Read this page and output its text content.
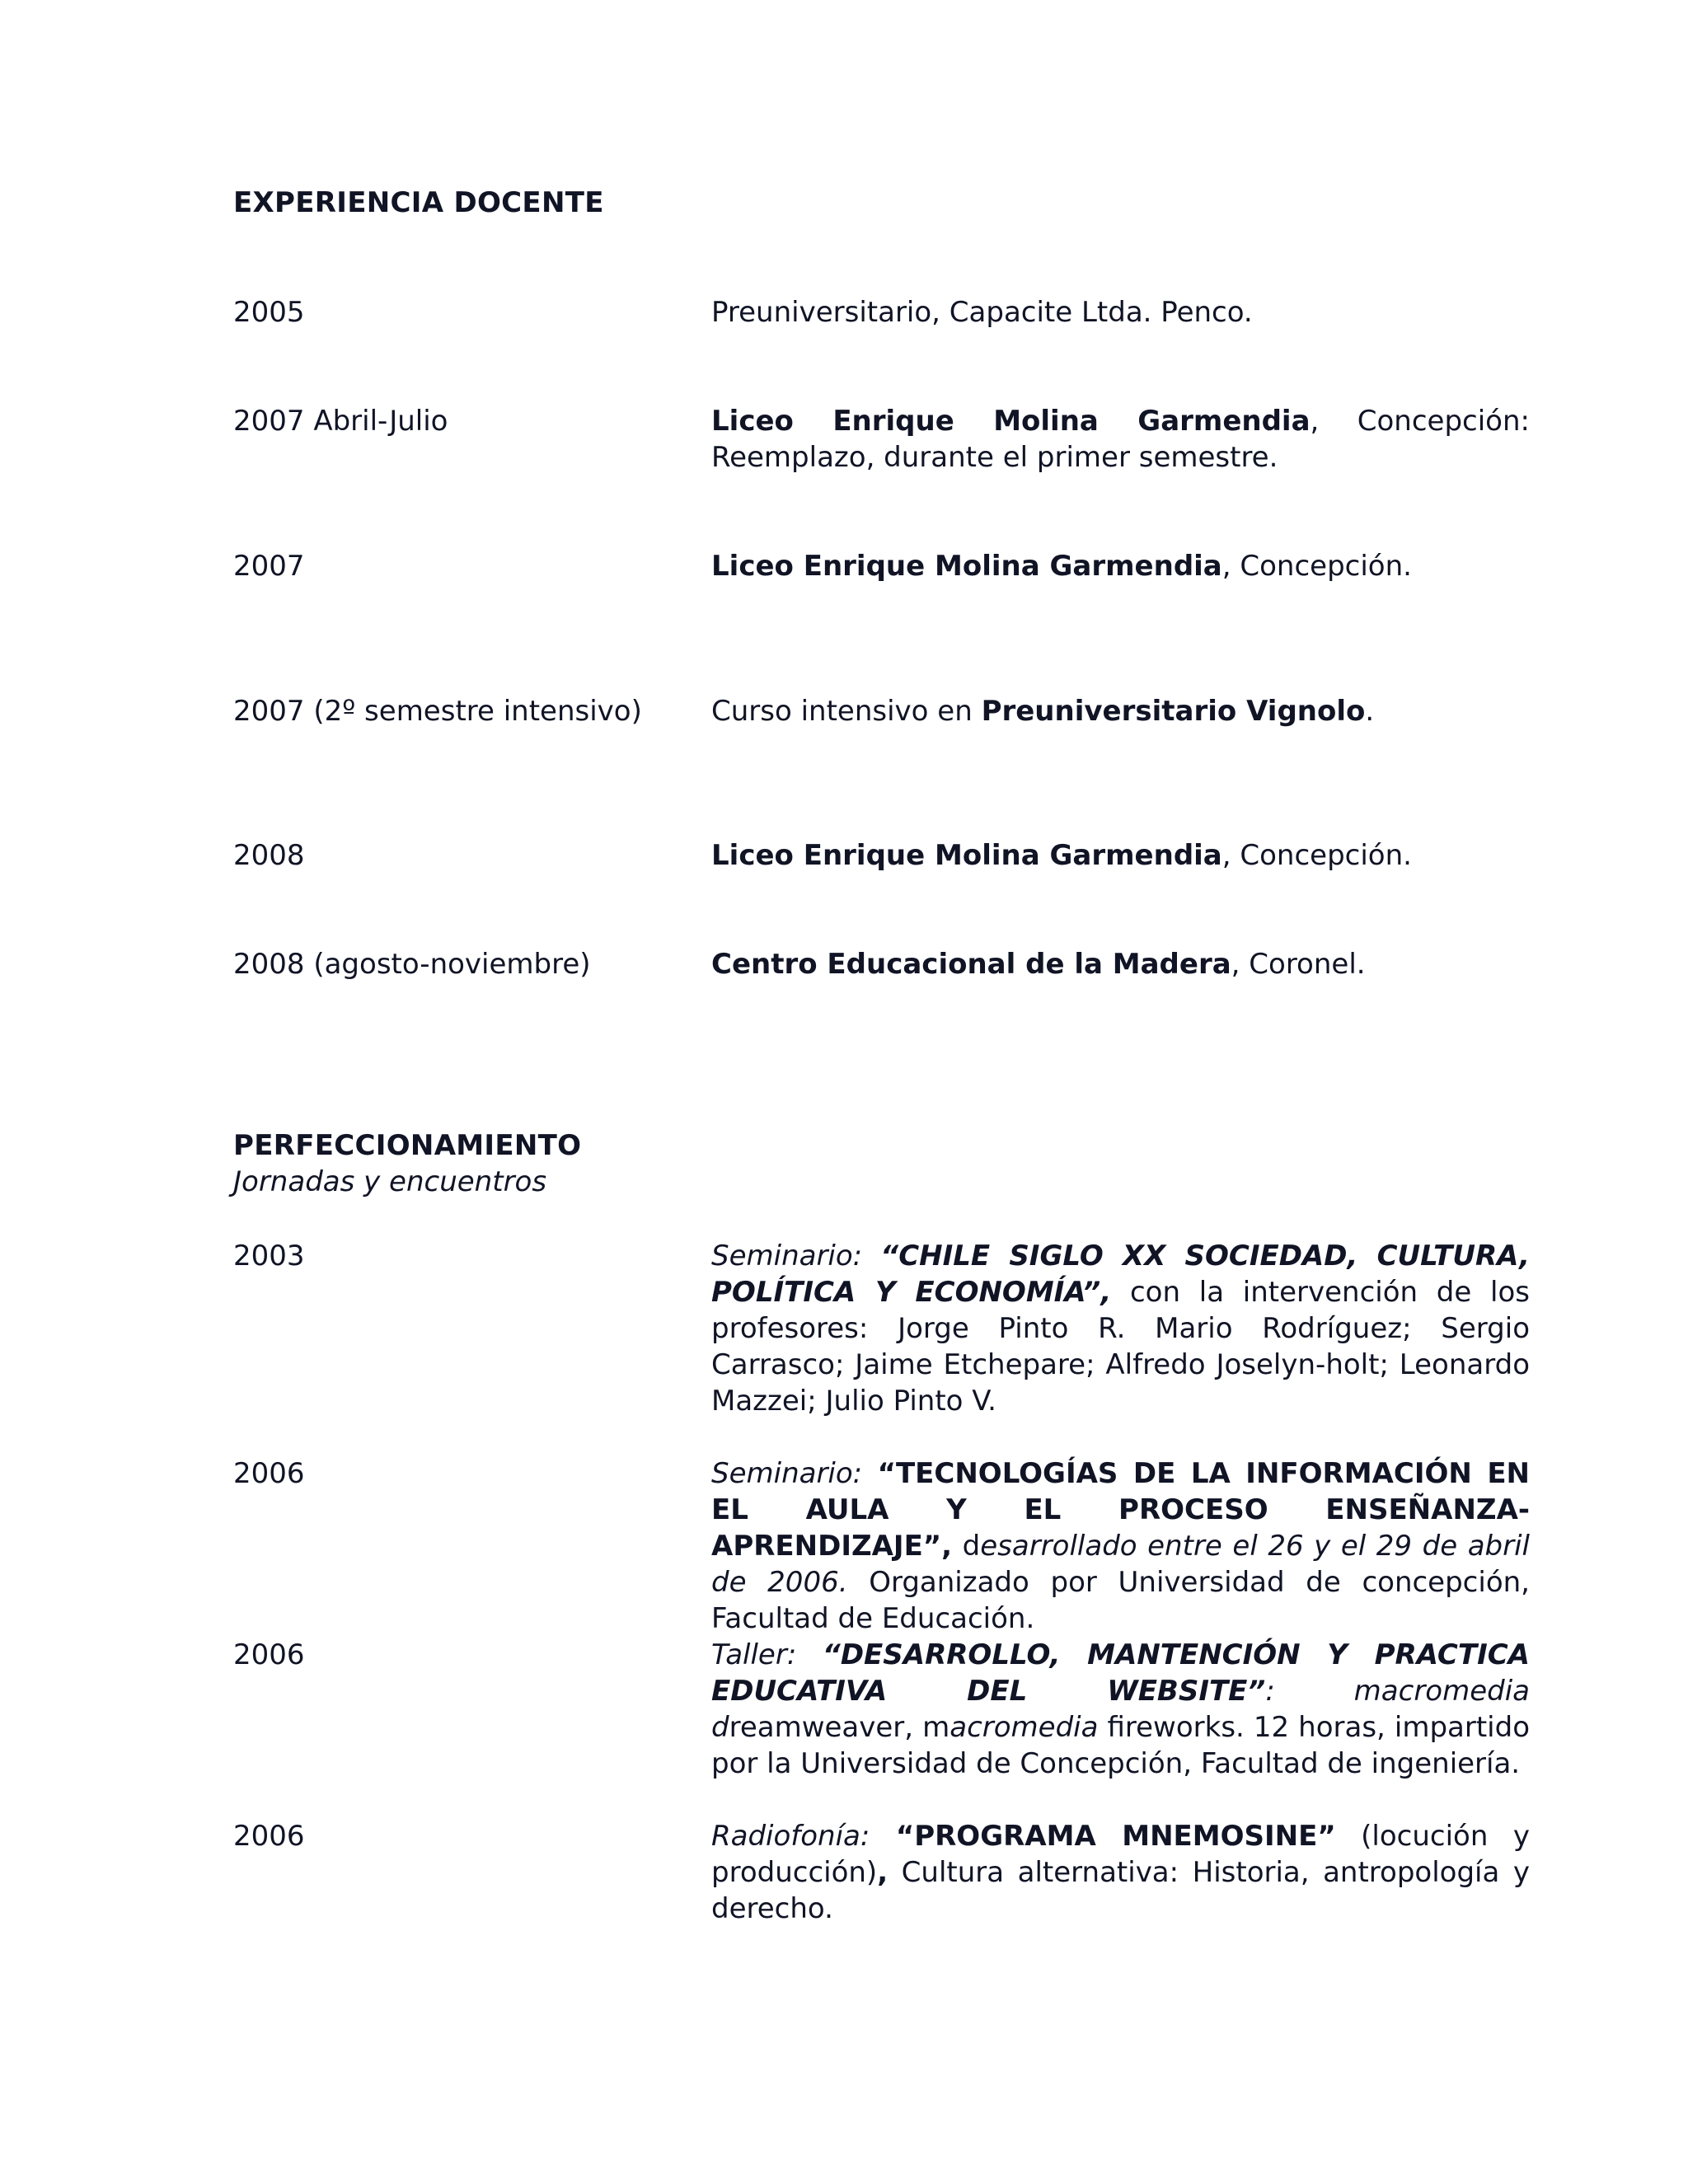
EXPERIENCIA DOCENTE
2005	Preuniversitario, Capacite Ltda. Penco.
2007 Abril-Julio	Liceo Enrique Molina Garmendia, Concepción:
Reemplazo, durante el primer semestre.
2007	Liceo Enrique Molina Garmendia, Concepción.
2007 (2º semestre intensivo)	Curso intensivo en Preuniversitario Vignolo.
2008	Liceo Enrique Molina Garmendia, Concepción.
2008 (agosto-noviembre)	Centro Educacional de la Madera, Coronel.
PERFECCIONAMIENTO

Jornadas y encuentros

2003	Seminario: “CHILE SIGLO XX SOCIEDAD, CULTURA, POLÍTICA Y ECONOMÍA”, con la intervención de los profesores: Jorge Pinto R. Mario Rodríguez; Sergio Carrasco; Jaime Etchepare; Alfredo Joselyn-holt; Leonardo Mazzei; Julio Pinto V.
2006	Seminario: “TECNOLOGÍAS DE LA INFORMACIÓN EN EL AULA Y EL PROCESO ENSEÑANZA-APRENDIZAJE”, desarrollado entre el 26 y el 29 de abril de 2006. Organizado por Universidad de concepción, Facultad de Educación.
2006	Taller: “DESARROLLO, MANTENCIÓN Y PRACTICA EDUCATIVA DEL WEBSITE”: macromedia dreamweaver, macromedia fireworks. 12 horas, impartido por la Universidad de Concepción, Facultad de ingeniería.
2006	Radiofonía: “PROGRAMA MNEMOSINE” (locución y producción), Cultura alternativa: Historia, antropología y derecho.
